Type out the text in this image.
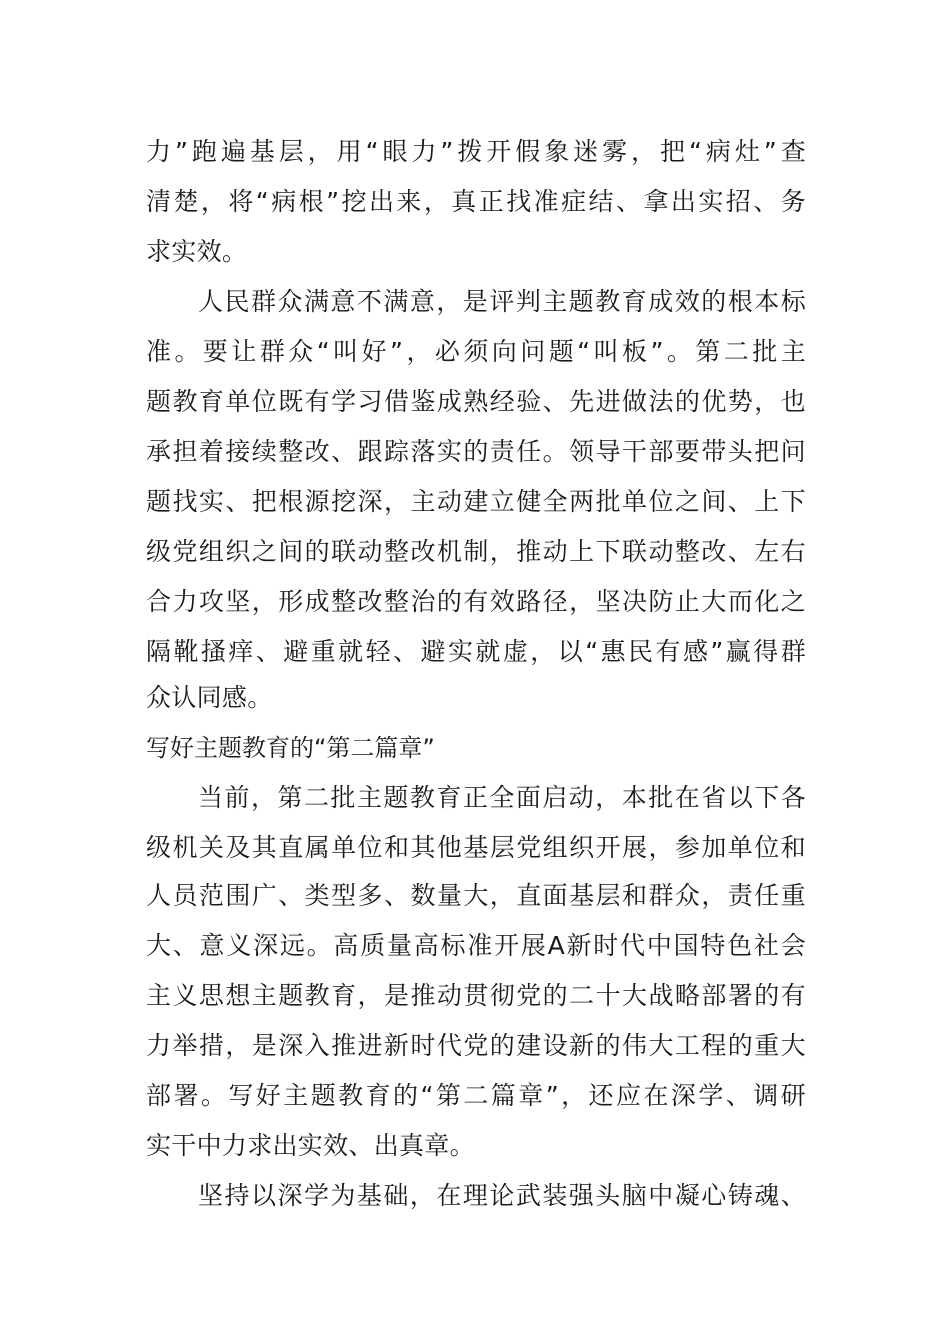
力”跑遍基层，用“眼力”拨开假象迷雾，把“病灶”查
清楚，将“病根”挖出来，真正找准症结、拿出实招、务
求实效。
人民群众满意不满意，是评判主题教育成效的根本标
准。要让群众“叫好”，必须向问题“叫板”。第二批主
题教育单位既有学习借鉴成熟经验、先进做法的优势，也
承担着接续整改、跟踪落实的责任。领导干部要带头把问
题找实、把根源挖深，主动建立健全两批单位之间、上下
级党组织之间的联动整改机制，推动上下联动整改、左右
合力攻坚，形成整改整治的有效路径，坚决防止大而化之
隔靴搔痒、避重就轻、避实就虚，以“惠民有感”赢得群
众认同感。
写好主题教育的“第二篇章”
当前，第二批主题教育正全面启动，本批在省以下各
级机关及其直属单位和其他基层党组织开展，参加单位和
人员范围广、类型多、数量大，直面基层和群众，责任重
大、意义深远。高质量高标准开展A新时代中国特色社会
主义思想主题教育，是推动贯彻党的二十大战略部署的有
力举措，是深入推进新时代党的建设新的伟大工程的重大
部署。写好主题教育的“第二篇章”，还应在深学、调研
实干中力求出实效、出真章。
坚持以深学为基础，在理论武装强头脑中凝心铸魂、
